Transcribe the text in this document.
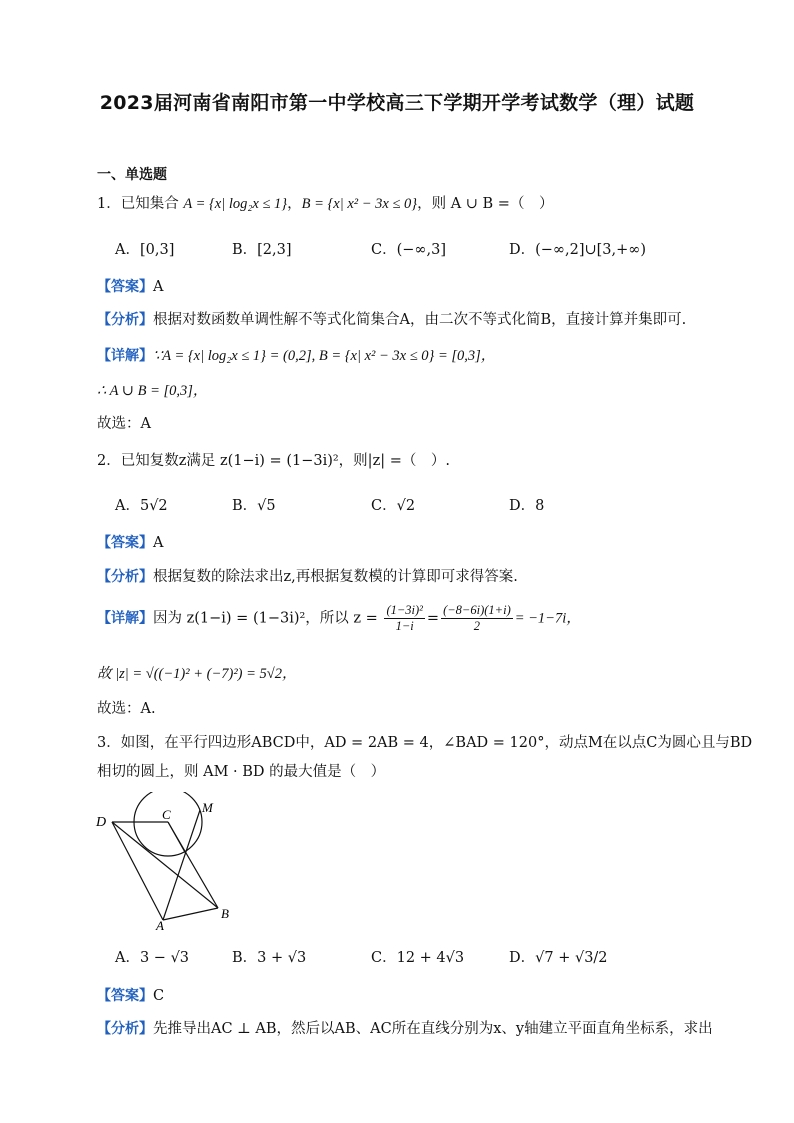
2023届河南省南阳市第一中学校高三下学期开学考试数学（理）试题
一、单选题
1．已知集合 A = {x| log₂x ≤ 1}，B = {x| x² − 3x ≤ 0}，则 A ∪ B =（　）
A．[0,3]	B．[2,3]	C．(−∞,3]	D．(−∞,2]∪[3,+∞)
【答案】A
【分析】根据对数函数单调性解不等式化简集合A，由二次不等式化简B，直接计算并集即可.
【详解】∵A = {x| log₂x ≤ 1} = (0,2], B = {x| x² − 3x ≤ 0} = [0,3]，
∴ A ∪ B = [0,3]，
故选：A
2．已知复数z满足 z(1−i) = (1−3i)²，则|z| =（　）.
A．5√2	B．√5	C．√2	D．8
【答案】A
【分析】根据复数的除法求出z,再根据复数模的计算即可求得答案.
【详解】因为 z(1−i) = (1−3i)²，所以 $z = \frac{\text{(1−3i)²}}{1-i} = \frac{(-8-6i)(1+i)}{2} = -1-7i$，
故 |z| = √((−1)² + (−7)²) = 5√2，
故选：A.
3．如图，在平行四边形ABCD中，AD = 2AB = 4，∠BAD = 120°，动点M在以点C为圆心且与BD
相切的圆上，则 AM · BD 的最大值是（　）
D
C M
A
B
A．3 − √3	B．3 + √3	C．12 + 4√3	D．√7 + √3/2
【答案】C
【分析】先推导出AC ⊥ AB，然后以AB、AC所在直线分别为x、y轴建立平面直角坐标系，求出
